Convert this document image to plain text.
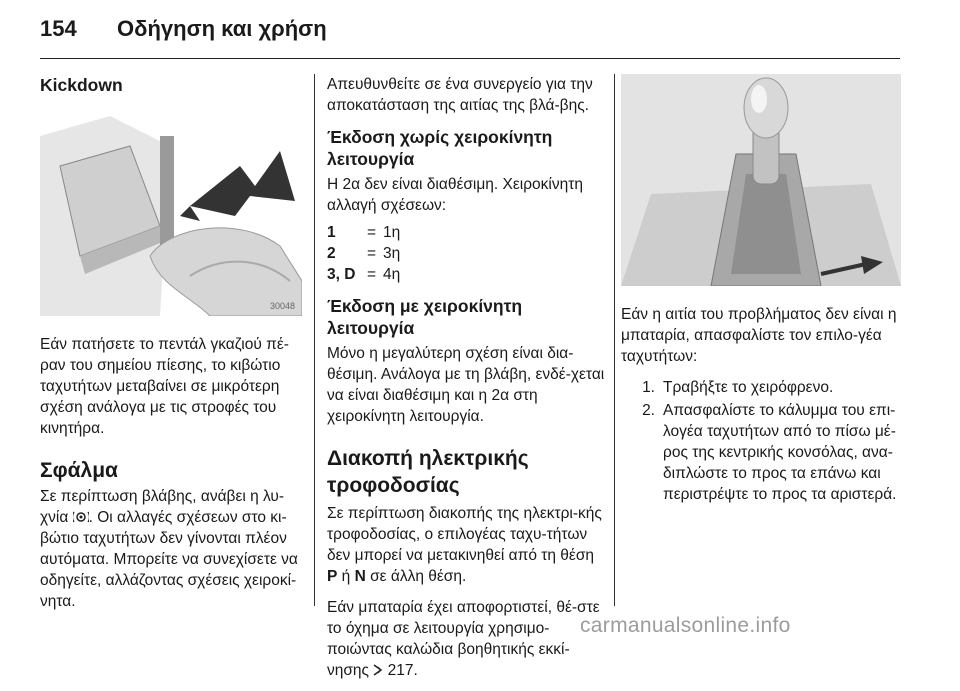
154 Οδήγηση και χρήση
Kickdown
30048

Εάν πατήσετε το πεντάλ γκαζιού πέ-ραν του σημείου πίεσης, το κιβώτιο ταχυτήτων μεταβαίνει σε μικρότερη σχέση ανάλογα με τις στροφές του κινητήρα.

Σφάλμα

Σε περίπτωση βλάβης, ανάβει η λυ-χνία . Οι αλλαγές σχέσεων στο κι-βώτιο ταχυτήτων δεν γίνονται πλέον αυτόματα. Μπορείτε να συνεχίσετε να οδηγείτε, αλλάζοντας σχέσεις χειροκί-νητα.

Απευθυνθείτε σε ένα συνεργείο για την αποκατάσταση της αιτίας της βλά-βης.

Έκδοση χωρίς χειροκίνητη λειτουργία

Η 2α δεν είναι διαθέσιμη. Χειροκίνητη αλλαγή σχέσεων:

1	= 1η
2	= 3η
3, D = 4η
Έκδοση με χειροκίνητη λειτουργία

Μόνο η μεγαλύτερη σχέση είναι δια-θέσιμη. Ανάλογα με τη βλάβη, ενδέ-χεται να είναι διαθέσιμη και η 2α στη χειροκίνητη λειτουργία.

Διακοπή ηλεκτρικής τροφοδοσίας

Σε περίπτωση διακοπής της ηλεκτρι-κής τροφοδοσίας, ο επιλογέας ταχυ-τήτων δεν μπορεί να μετακινηθεί από τη θέση P ή N σε άλλη θέση.

Εάν μπαταρία έχει αποφορτιστεί, θέ-στε το όχημα σε λειτουργία χρησιμο-ποιώντας καλώδια βοηθητικής εκκί-νησης 217.

Εάν η αιτία του προβλήματος δεν είναι η μπαταρία, απασφαλίστε τον επιλο-γέα ταχυτήτων:

1. Τραβήξτε το χειρόφρενο.
2. Απασφαλίστε το κάλυμμα του επι-λογέα ταχυτήτων από το πίσω μέ-ρος της κεντρικής κονσόλας, ανα-διπλώστε το προς τα επάνω και περιστρέψτε το προς τα αριστερά.
carmanualsonline.info
